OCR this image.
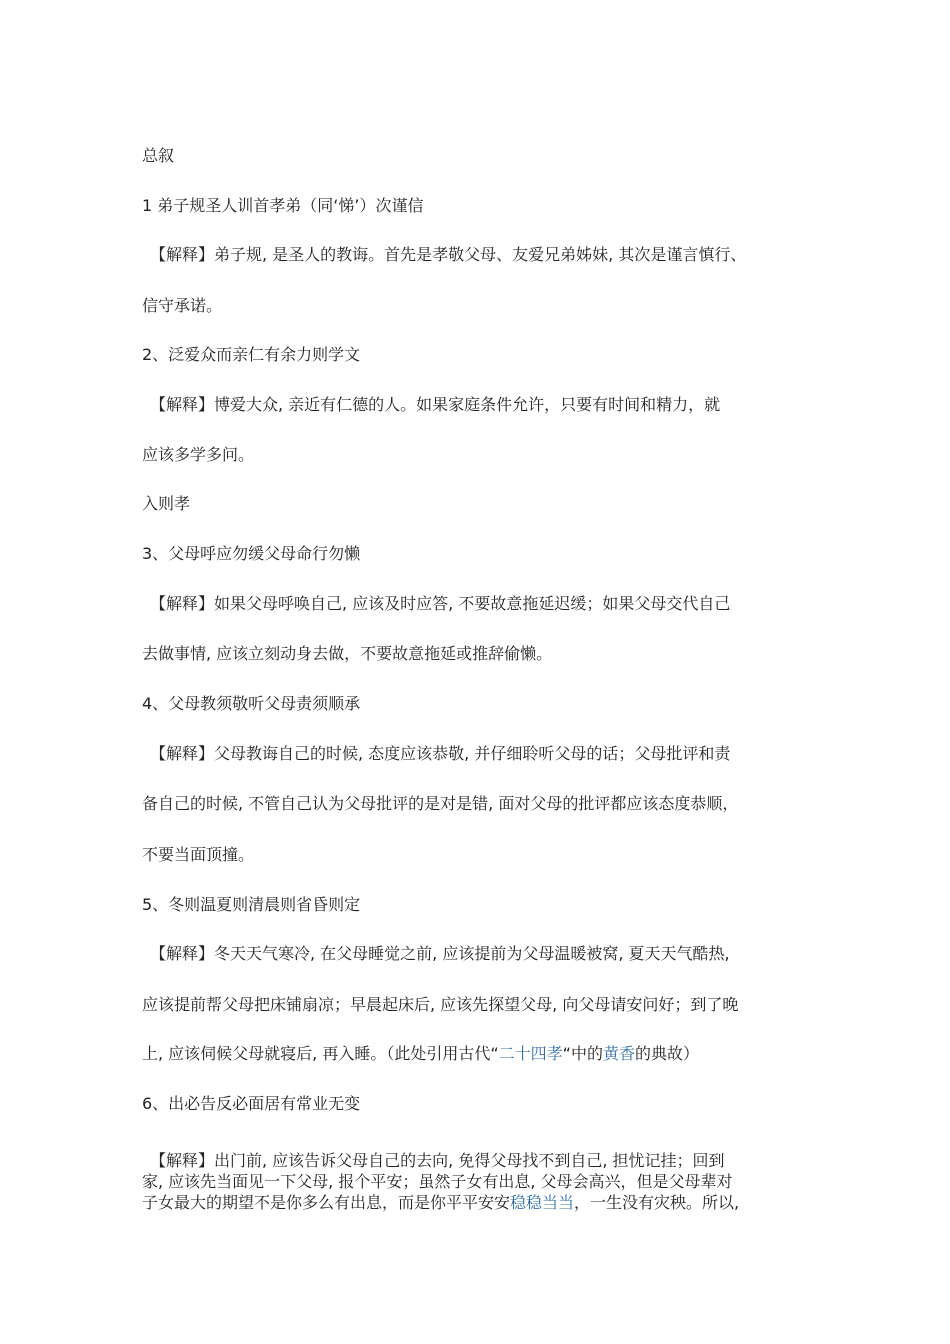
总叙
1 弟子规圣人训首孝弟（同‘悌’）次谨信
【解释】弟子规, 是圣人的教诲。首先是孝敬父母、友爱兄弟姊妹, 其次是谨言慎行、
信守承诺。
2、泛爱众而亲仁有余力则学文
【解释】博爱大众, 亲近有仁德的人。如果家庭条件允许，只要有时间和精力，就
应该多学多问。
入则孝
3、父母呼应勿缓父母命行勿懒
【解释】如果父母呼唤自己, 应该及时应答, 不要故意拖延迟缓；如果父母交代自己
去做事情, 应该立刻动身去做，不要故意拖延或推辞偷懒。
4、父母教须敬听父母责须顺承
【解释】父母教诲自己的时候, 态度应该恭敬, 并仔细聆听父母的话；父母批评和责
备自己的时候, 不管自己认为父母批评的是对是错, 面对父母的批评都应该态度恭顺，
不要当面顶撞。
5、冬则温夏则清晨则省昏则定
【解释】冬天天气寒冷, 在父母睡觉之前, 应该提前为父母温暖被窝, 夏天天气酷热,
应该提前帮父母把床铺扇凉；早晨起床后, 应该先探望父母, 向父母请安问好；到了晚
上, 应该伺候父母就寝后, 再入睡。（此处引用古代“二十四孝“中的黄香的典故）
6、出必告反必面居有常业无变
【解释】出门前, 应该告诉父母自己的去向, 免得父母找不到自己, 担忧记挂；回到
家, 应该先当面见一下父母, 报个平安；虽然子女有出息, 父母会高兴，但是父母辈对
子女最大的期望不是你多么有出息，而是你平平安安稳稳当当，一生没有灾秧。所以,
